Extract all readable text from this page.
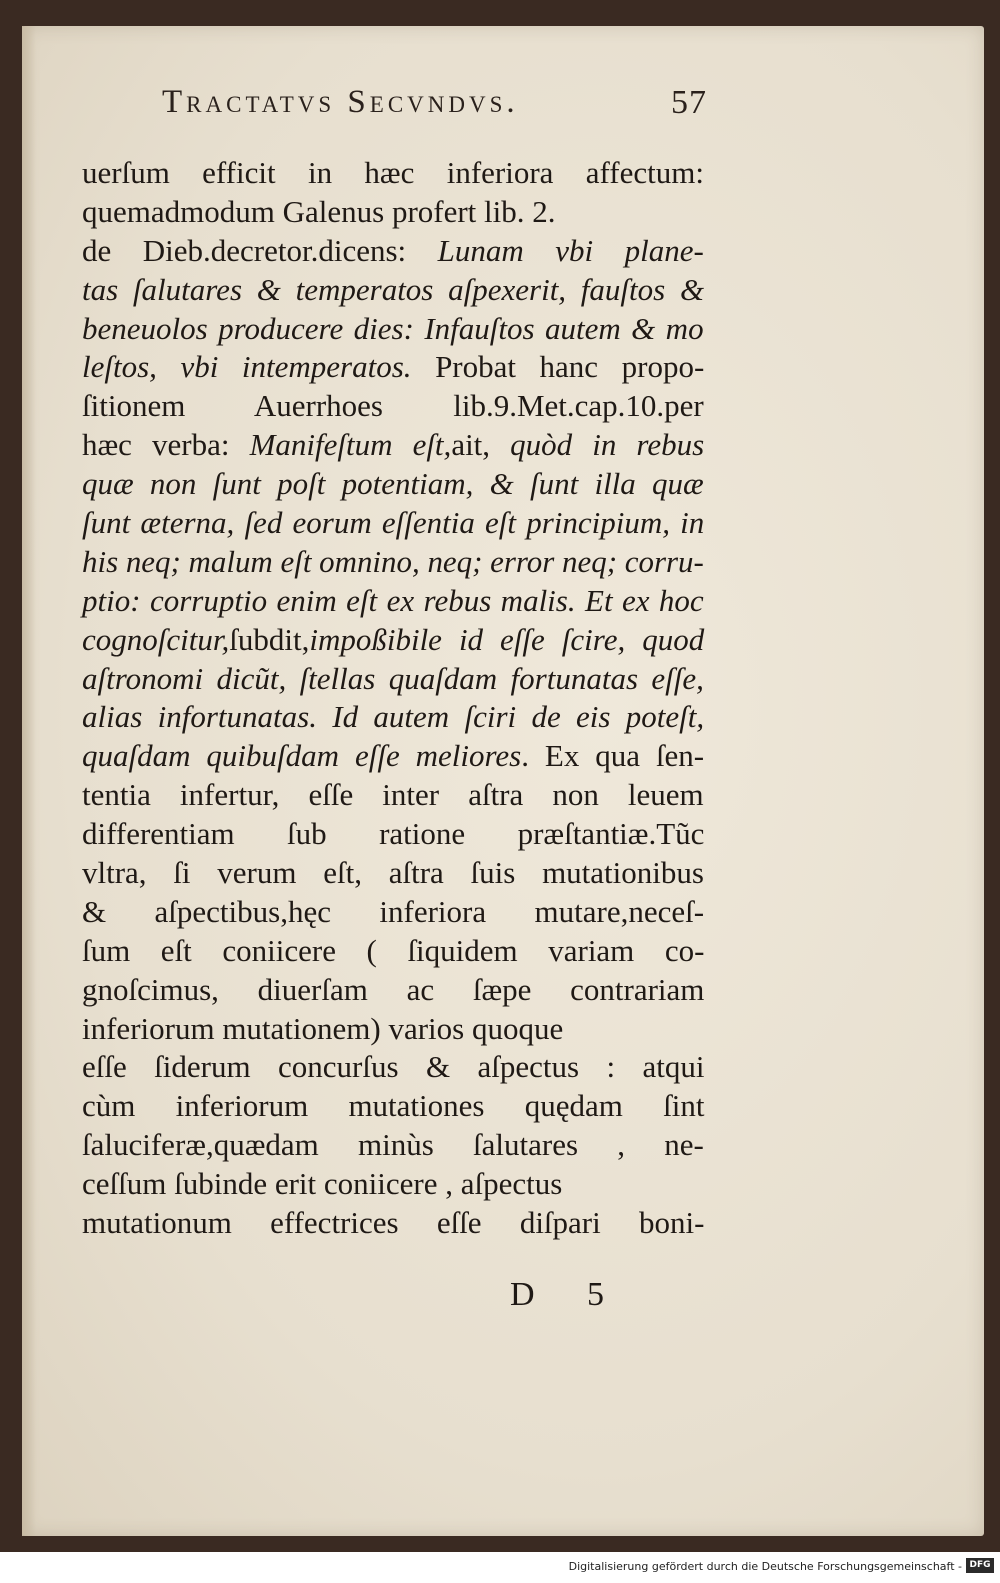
Tractatvs Secvndvs.	57
uerſum efficit in hæc inferiora affectum:
quemadmodum Galenus profert lib. 2.
de Dieb.decretor.dicens: Lunam vbi plane-
tas ſalutares & temperatos aſpexerit, fauſtos &
beneuolos producere dies: Infauſtos autem & mo
leſtos, vbi intemperatos. Probat hanc propo-
ſitionem Auerrhoes lib.9.Met.cap.10.per
hæc verba: Manifeſtum eſt,ait, quòd in rebus
quæ non ſunt poſt potentiam, & ſunt illa quæ
ſunt æterna, ſed eorum eſſentia eſt principium, in
his neq; malum eſt omnino, neq; error neq; corru-
ptio: corruptio enim eſt ex rebus malis. Et ex hoc
cognoſcitur,ſubdit,impoßibile id eſſe ſcire, quod
aſtronomi dicũt, ſtellas quaſdam fortunatas eſſe,
alias infortunatas. Id autem ſciri de eis poteſt,
quaſdam quibuſdam eſſe meliores. Ex qua ſen-
tentia infertur, eſſe inter aſtra non leuem
differentiam ſub ratione præſtantiæ.Tũc
vltra, ſi verum eſt, aſtra ſuis mutationibus
& aſpectibus,hęc inferiora mutare,neceſ-
ſum eſt coniicere ( ſiquidem variam co-
gnoſcimus, diuerſam ac ſæpe contrariam
inferiorum mutationem) varios quoque
eſſe ſiderum concurſus & aſpectus : atqui
cùm inferiorum mutationes quędam ſint
ſaluciferæ,quædam minùs ſalutares , ne-
ceſſum ſubinde erit coniicere , aſpectus
mutationum effectrices eſſe diſpari boni-
D 5
Digitalisierung gefördert durch die Deutsche Forschungsgemeinschaft - DFG
